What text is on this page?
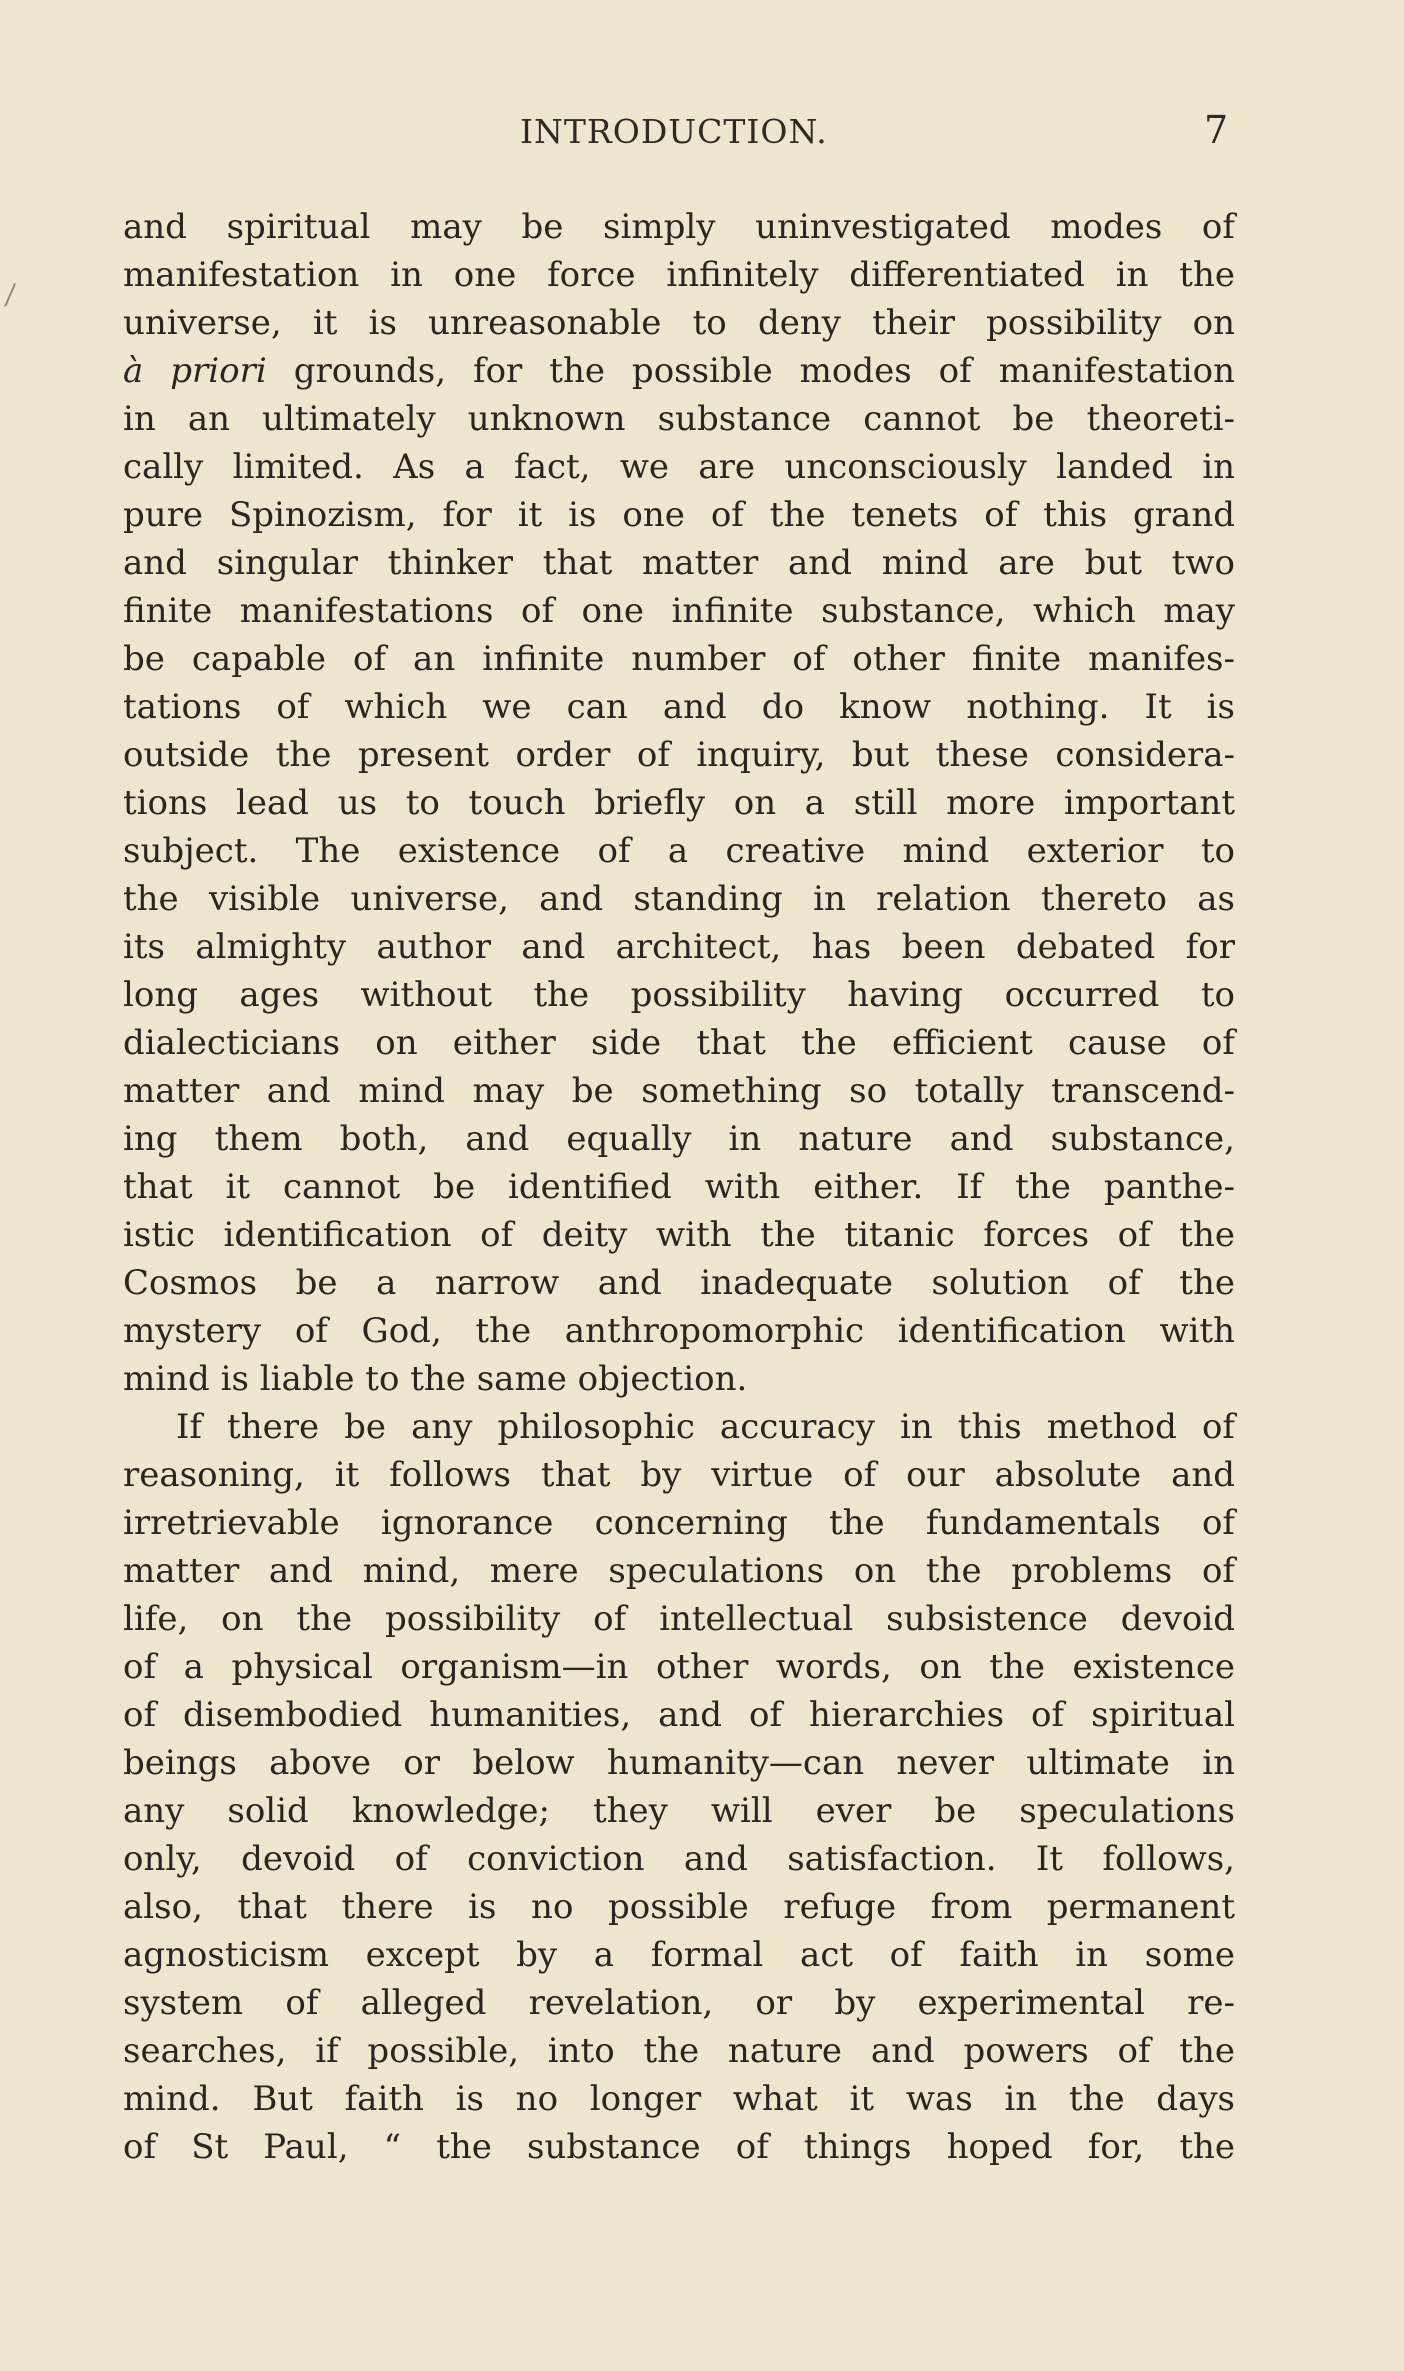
INTRODUCTION.	7
⁄
and spiritual may be simply uninvestigated modes of
manifestation in one force infinitely differentiated in the
universe, it is unreasonable to deny their possibility on
à priori grounds, for the possible modes of manifestation
in an ultimately unknown substance cannot be theoreti-
cally limited. As a fact, we are unconsciously landed in
pure Spinozism, for it is one of the tenets of this grand
and singular thinker that matter and mind are but two
finite manifestations of one infinite substance, which may
be capable of an infinite number of other finite manifes-
tations of which we can and do know nothing. It is
outside the present order of inquiry, but these considera-
tions lead us to touch briefly on a still more important
subject. The existence of a creative mind exterior to
the visible universe, and standing in relation thereto as
its almighty author and architect, has been debated for
long ages without the possibility having occurred to
dialecticians on either side that the efficient cause of
matter and mind may be something so totally transcend-
ing them both, and equally in nature and substance,
that it cannot be identified with either. If the panthe-
istic identification of deity with the titanic forces of the
Cosmos be a narrow and inadequate solution of the
mystery of God, the anthropomorphic identification with
mind is liable to the same objection.
If there be any philosophic accuracy in this method of
reasoning, it follows that by virtue of our absolute and
irretrievable ignorance concerning the fundamentals of
matter and mind, mere speculations on the problems of
life, on the possibility of intellectual subsistence devoid
of a physical organism—in other words, on the existence
of disembodied humanities, and of hierarchies of spiritual
beings above or below humanity—can never ultimate in
any solid knowledge; they will ever be speculations
only, devoid of conviction and satisfaction. It follows,
also, that there is no possible refuge from permanent
agnosticism except by a formal act of faith in some
system of alleged revelation, or by experimental re-
searches, if possible, into the nature and powers of the
mind. But faith is no longer what it was in the days
of St Paul, “ the substance of things hoped for, the
